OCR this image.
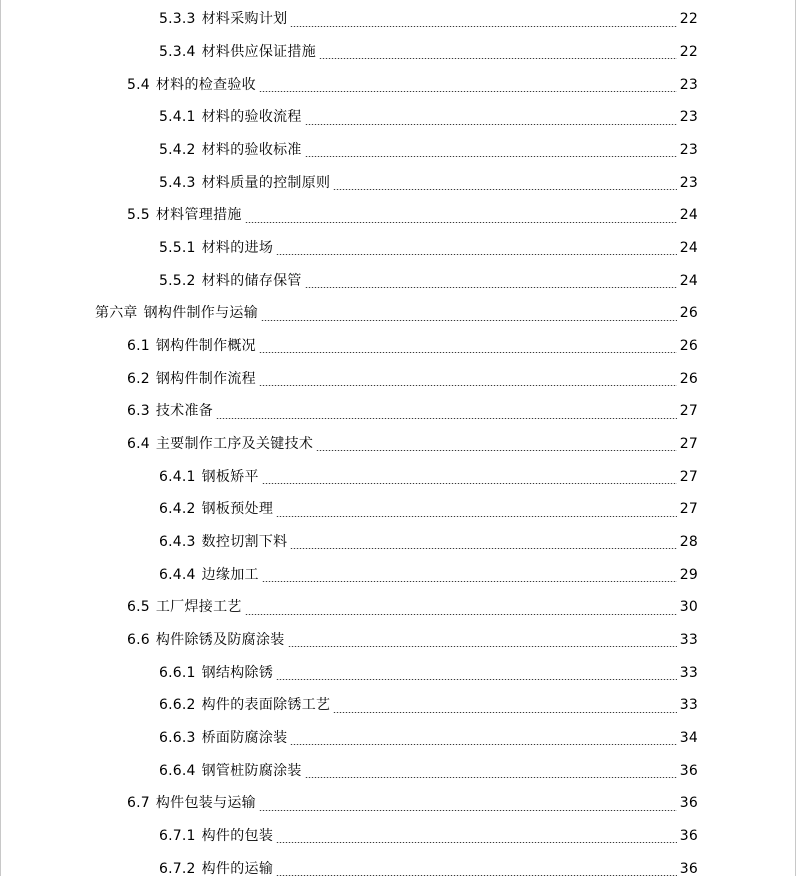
5.3.3 材料采购计划	22
5.3.4 材料供应保证措施	22
5.4 材料的检查验收	23
5.4.1 材料的验收流程	23
5.4.2 材料的验收标准	23
5.4.3 材料质量的控制原则	23
5.5 材料管理措施	24
5.5.1 材料的进场	24
5.5.2 材料的储存保管	24
第六章 钢构件制作与运输	26
6.1 钢构件制作概况	26
6.2 钢构件制作流程	26
6.3 技术准备	27
6.4 主要制作工序及关键技术	27
6.4.1 钢板矫平	27
6.4.2 钢板预处理	27
6.4.3 数控切割下料	28
6.4.4 边缘加工	29
6.5 工厂焊接工艺	30
6.6 构件除锈及防腐涂装	33
6.6.1 钢结构除锈	33
6.6.2 构件的表面除锈工艺	33
6.6.3 桥面防腐涂装	34
6.6.4 钢管桩防腐涂装	36
6.7 构件包装与运输	36
6.7.1 构件的包装	36
6.7.2 构件的运输	36
